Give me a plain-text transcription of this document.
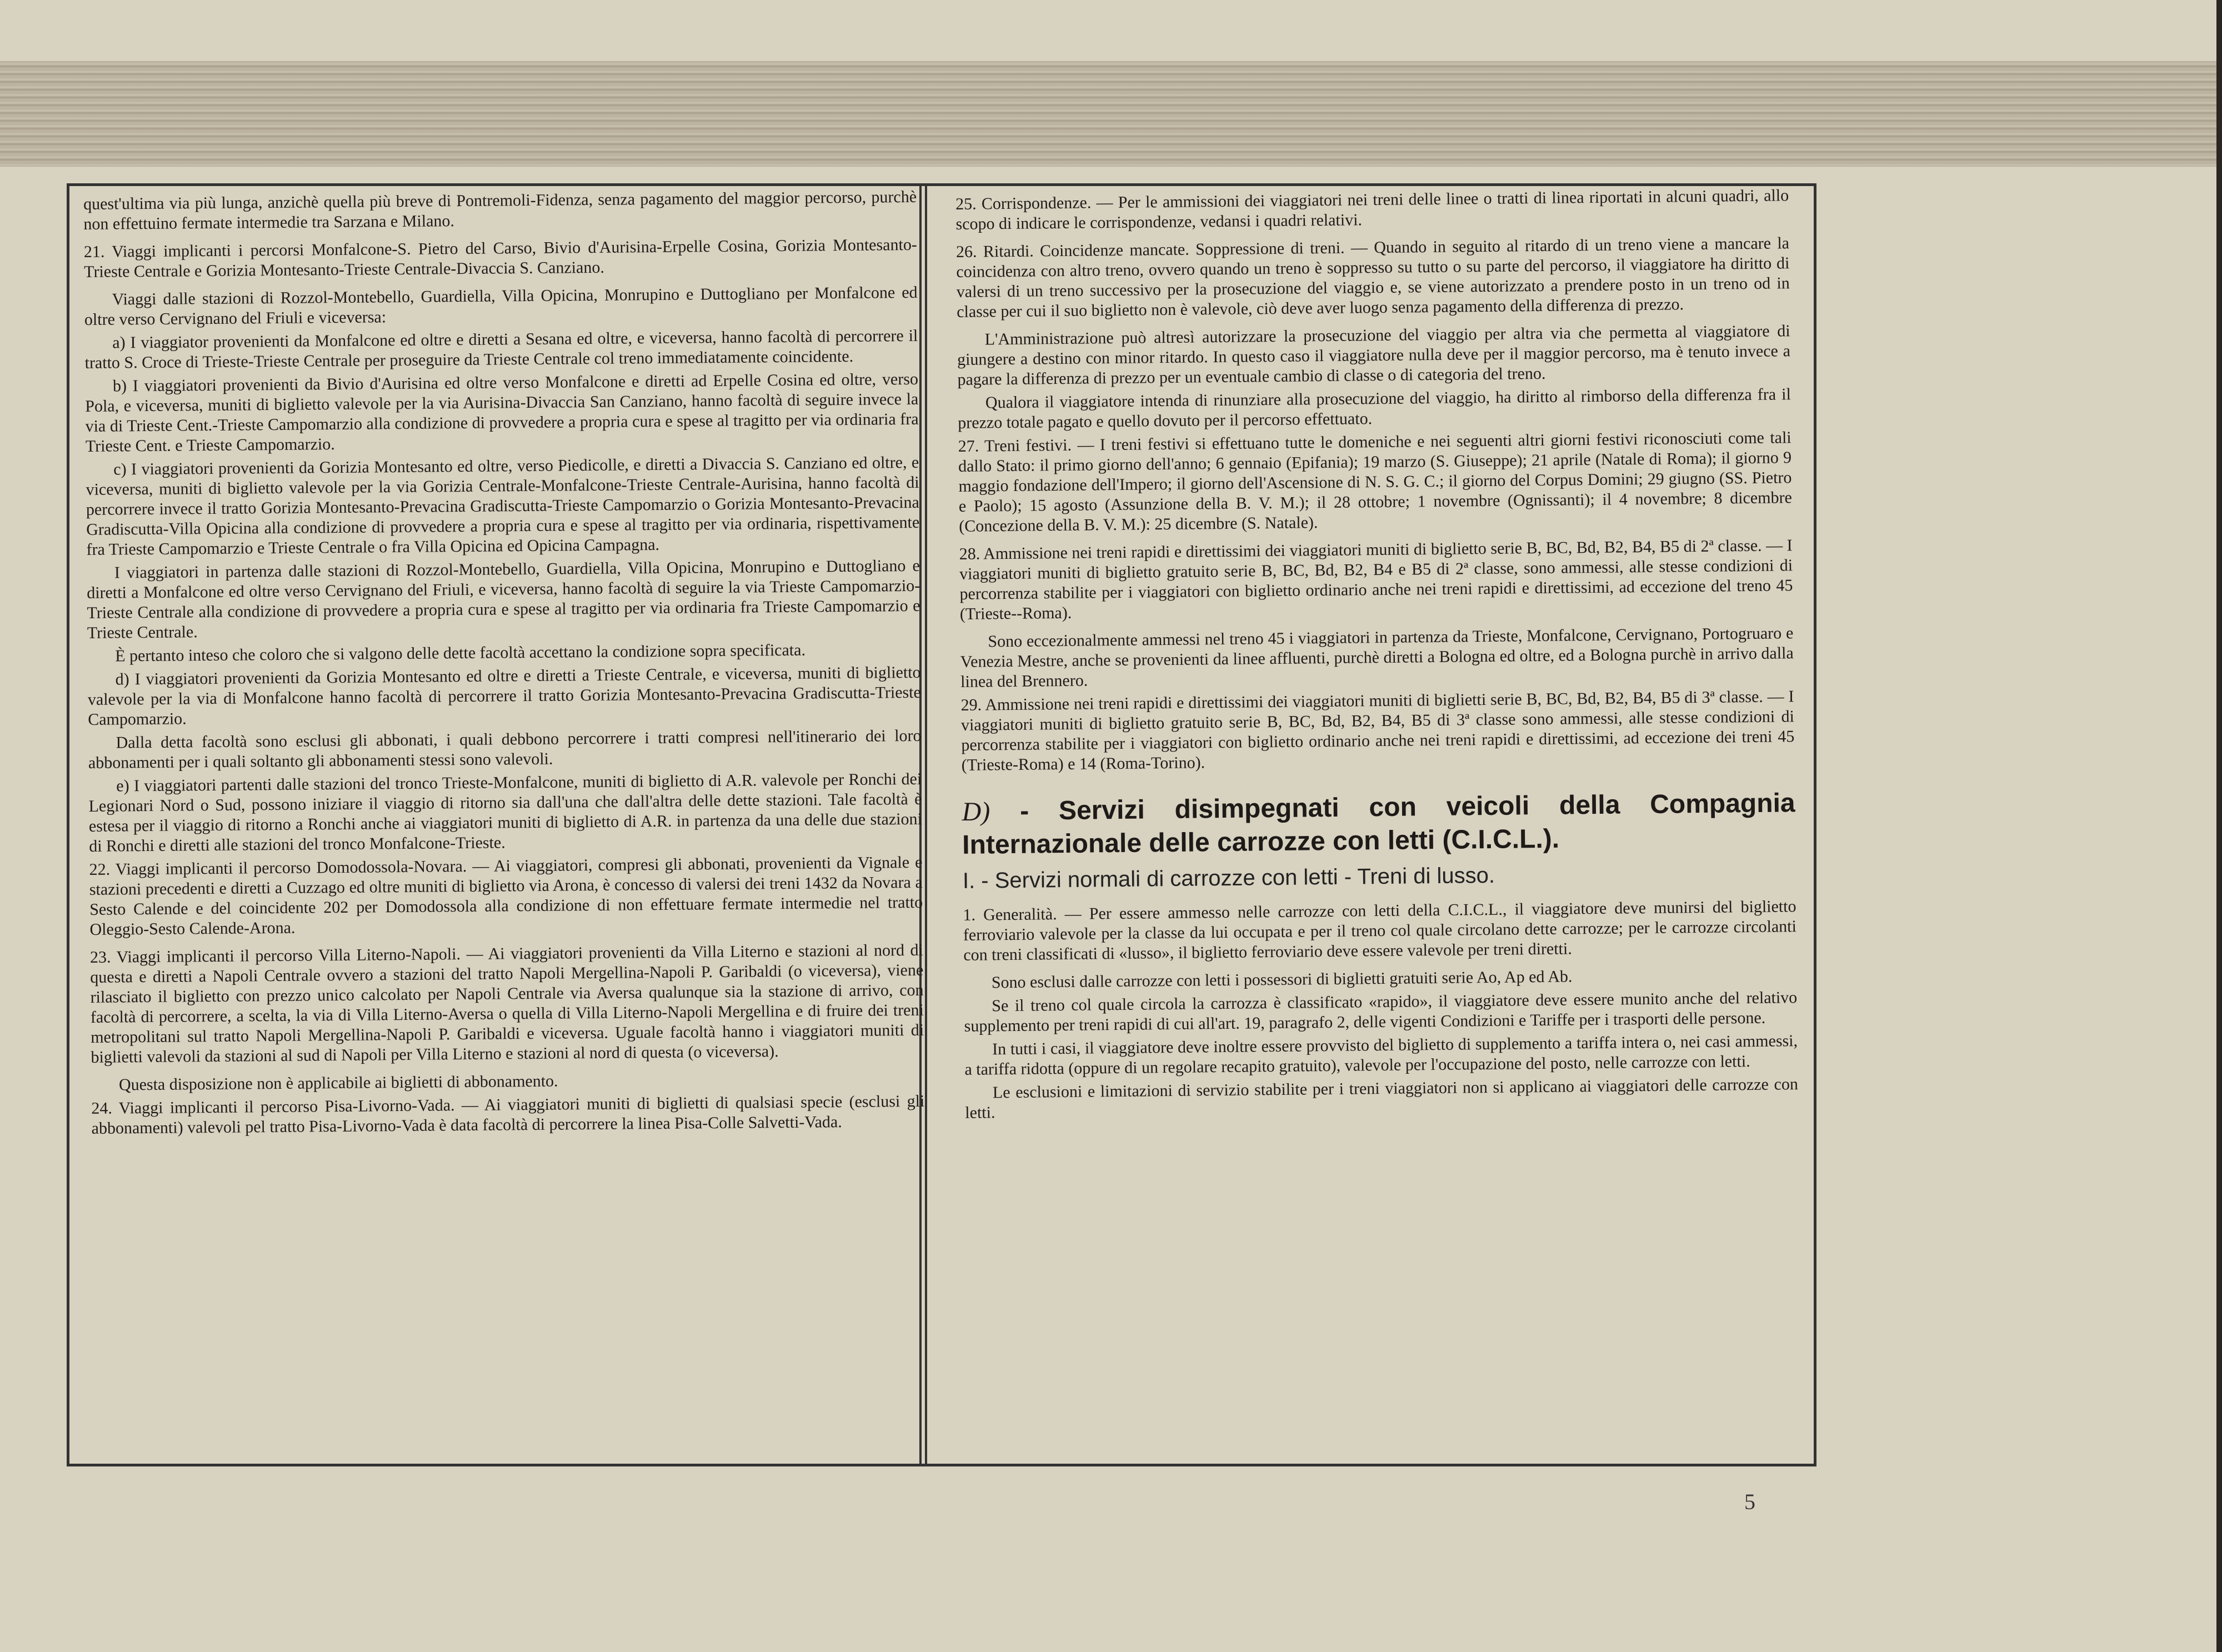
quest'ultima via più lunga, anzichè quella più breve di Pontremoli-Fidenza, senza pagamento del maggior percorso, purchè non effettuino fermate intermedie tra Sarzana e Milano.

21. Viaggi implicanti i percorsi Monfalcone-S. Pietro del Carso, Bivio d'Aurisina-Erpelle Cosina, Gorizia Montesanto-Trieste Centrale e Gorizia Montesanto-Trieste Centrale-Divaccia S. Canziano.

Viaggi dalle stazioni di Rozzol-Montebello, Guardiella, Villa Opicina, Monrupino e Duttogliano per Monfalcone ed oltre verso Cervignano del Friuli e viceversa:

a) I viaggiator provenienti da Monfalcone ed oltre e diretti a Sesana ed oltre, e viceversa, hanno facoltà di percorrere il tratto S. Croce di Trieste-Trieste Centrale per proseguire da Trieste Centrale col treno immediatamente coincidente.

b) I viaggiatori provenienti da Bivio d'Aurisina ed oltre verso Monfalcone e diretti ad Erpelle Cosina ed oltre, verso Pola, e viceversa, muniti di biglietto valevole per la via Aurisina-Divaccia San Canziano, hanno facoltà di seguire invece la via di Trieste Cent.-Trieste Campomarzio alla condizione di provvedere a propria cura e spese al tragitto per via ordinaria fra Trieste Cent. e Trieste Campomarzio.

c) I viaggiatori provenienti da Gorizia Montesanto ed oltre, verso Piedicolle, e diretti a Divaccia S. Canziano ed oltre, e viceversa, muniti di biglietto valevole per la via Gorizia Centrale-Monfalcone-Trieste Centrale-Aurisina, hanno facoltà di percorrere invece il tratto Gorizia Montesanto-Prevacina Gradiscutta-Trieste Campomarzio o Gorizia Montesanto-Prevacina Gradiscutta-Villa Opicina alla condizione di provvedere a propria cura e spese al tragitto per via ordinaria, rispettivamente fra Trieste Campomarzio e Trieste Centrale o fra Villa Opicina ed Opicina Campagna.

I viaggiatori in partenza dalle stazioni di Rozzol-Montebello, Guardiella, Villa Opicina, Monrupino e Duttogliano e diretti a Monfalcone ed oltre verso Cervignano del Friuli, e viceversa, hanno facoltà di seguire la via Trieste Campomarzio-Trieste Centrale alla condizione di provvedere a propria cura e spese al tragitto per via ordinaria fra Trieste Campomarzio e Trieste Centrale.

È pertanto inteso che coloro che si valgono delle dette facoltà accettano la condizione sopra specificata.

d) I viaggiatori provenienti da Gorizia Montesanto ed oltre e diretti a Trieste Centrale, e viceversa, muniti di biglietto valevole per la via di Monfalcone hanno facoltà di percorrere il tratto Gorizia Montesanto-Prevacina Gradiscutta-Trieste Campomarzio.

Dalla detta facoltà sono esclusi gli abbonati, i quali debbono percorrere i tratti compresi nell'itinerario dei loro abbonamenti per i quali soltanto gli abbonamenti stessi sono valevoli.

e) I viaggiatori partenti dalle stazioni del tronco Trieste-Monfalcone, muniti di biglietto di A.R. valevole per Ronchi dei Legionari Nord o Sud, possono iniziare il viaggio di ritorno sia dall'una che dall'altra delle dette stazioni. Tale facoltà è estesa per il viaggio di ritorno a Ronchi anche ai viaggiatori muniti di biglietto di A.R. in partenza da una delle due stazioni di Ronchi e diretti alle stazioni del tronco Monfalcone-Trieste.

22. Viaggi implicanti il percorso Domodossola-Novara. — Ai viaggiatori, compresi gli abbonati, provenienti da Vignale e stazioni precedenti e diretti a Cuzzago ed oltre muniti di biglietto via Arona, è concesso di valersi dei treni 1432 da Novara a Sesto Calende e del coincidente 202 per Domodossola alla condizione di non effettuare fermate intermedie nel tratto Oleggio-Sesto Calende-Arona.

23. Viaggi implicanti il percorso Villa Literno-Napoli. — Ai viaggiatori provenienti da Villa Literno e stazioni al nord di questa e diretti a Napoli Centrale ovvero a stazioni del tratto Napoli Mergellina-Napoli P. Garibaldi (o viceversa), viene rilasciato il biglietto con prezzo unico calcolato per Napoli Centrale via Aversa qualunque sia la stazione di arrivo, con facoltà di percorrere, a scelta, la via di Villa Literno-Aversa o quella di Villa Literno-Napoli Mergellina e di fruire dei treni metropolitani sul tratto Napoli Mergellina-Napoli P. Garibaldi e viceversa. Uguale facoltà hanno i viaggiatori muniti di biglietti valevoli da stazioni al sud di Napoli per Villa Literno e stazioni al nord di questa (o viceversa).

Questa disposizione non è applicabile ai biglietti di abbonamento.

24. Viaggi implicanti il percorso Pisa-Livorno-Vada. — Ai viaggiatori muniti di biglietti di qualsiasi specie (esclusi gli abbonamenti) valevoli pel tratto Pisa-Livorno-Vada è data facoltà di percorrere la linea Pisa-Colle Salvetti-Vada.

25. Corrispondenze. — Per le ammissioni dei viaggiatori nei treni delle linee o tratti di linea riportati in alcuni quadri, allo scopo di indicare le corrispondenze, vedansi i quadri relativi.

26. Ritardi. Coincidenze mancate. Soppressione di treni. — Quando in seguito al ritardo di un treno viene a mancare la coincidenza con altro treno, ovvero quando un treno è soppresso su tutto o su parte del percorso, il viaggiatore ha diritto di valersi di un treno successivo per la prosecuzione del viaggio e, se viene autorizzato a prendere posto in un treno od in classe per cui il suo biglietto non è valevole, ciò deve aver luogo senza pagamento della differenza di prezzo.

L'Amministrazione può altresì autorizzare la prosecuzione del viaggio per altra via che permetta al viaggiatore di giungere a destino con minor ritardo. In questo caso il viaggiatore nulla deve per il maggior percorso, ma è tenuto invece a pagare la differenza di prezzo per un eventuale cambio di classe o di categoria del treno.

Qualora il viaggiatore intenda di rinunziare alla prosecuzione del viaggio, ha diritto al rimborso della differenza fra il prezzo totale pagato e quello dovuto per il percorso effettuato.

27. Treni festivi. — I treni festivi si effettuano tutte le domeniche e nei seguenti altri giorni festivi riconosciuti come tali dallo Stato: il primo giorno dell'anno; 6 gennaio (Epifania); 19 marzo (S. Giuseppe); 21 aprile (Natale di Roma); il giorno 9 maggio fondazione dell'Impero; il giorno dell'Ascensione di N. S. G. C.; il giorno del Corpus Domini; 29 giugno (SS. Pietro e Paolo); 15 agosto (Assunzione della B. V. M.); il 28 ottobre; 1 novembre (Ognissanti); il 4 novembre; 8 dicembre (Concezione della B. V. M.): 25 dicembre (S. Natale).

28. Ammissione nei treni rapidi e direttissimi dei viaggiatori muniti di biglietto serie B, BC, Bd, B2, B4, B5 di 2ª classe. — I viaggiatori muniti di biglietto gratuito serie B, BC, Bd, B2, B4 e B5 di 2ª classe, sono ammessi, alle stesse condizioni di percorrenza stabilite per i viaggiatori con biglietto ordinario anche nei treni rapidi e direttissimi, ad eccezione del treno 45 (Trieste--Roma).

Sono eccezionalmente ammessi nel treno 45 i viaggiatori in partenza da Trieste, Monfalcone, Cervignano, Portogruaro e Venezia Mestre, anche se provenienti da linee affluenti, purchè diretti a Bologna ed oltre, ed a Bologna purchè in arrivo dalla linea del Brennero.

29. Ammissione nei treni rapidi e direttissimi dei viaggiatori muniti di biglietti serie B, BC, Bd, B2, B4, B5 di 3ª classe. — I viaggiatori muniti di biglietto gratuito serie B, BC, Bd, B2, B4, B5 di 3ª classe sono ammessi, alle stesse condizioni di percorrenza stabilite per i viaggiatori con biglietto ordinario anche nei treni rapidi e direttissimi, ad eccezione dei treni 45 (Trieste-Roma) e 14 (Roma-Torino).

D) - Servizi disimpegnati con veicoli della Compagnia Internazionale delle carrozze con letti (C.I.C.L.).
I. - Servizi normali di carrozze con letti - Treni di lusso.

1. Generalità. — Per essere ammesso nelle carrozze con letti della C.I.C.L., il viaggiatore deve munirsi del biglietto ferroviario valevole per la classe da lui occupata e per il treno col quale circolano dette carrozze; per le carrozze circolanti con treni classificati di «lusso», il biglietto ferroviario deve essere valevole per treni diretti.

Sono esclusi dalle carrozze con letti i possessori di biglietti gratuiti serie Ao, Ap ed Ab.

Se il treno col quale circola la carrozza è classificato «rapido», il viaggiatore deve essere munito anche del relativo supplemento per treni rapidi di cui all'art. 19, paragrafo 2, delle vigenti Condizioni e Tariffe per i trasporti delle persone.

In tutti i casi, il viaggiatore deve inoltre essere provvisto del biglietto di supplemento a tariffa intera o, nei casi ammessi, a tariffa ridotta (oppure di un regolare recapito gratuito), valevole per l'occupazione del posto, nelle carrozze con letti.

Le esclusioni e limitazioni di servizio stabilite per i treni viaggiatori non si applicano ai viaggiatori delle carrozze con letti.

5
